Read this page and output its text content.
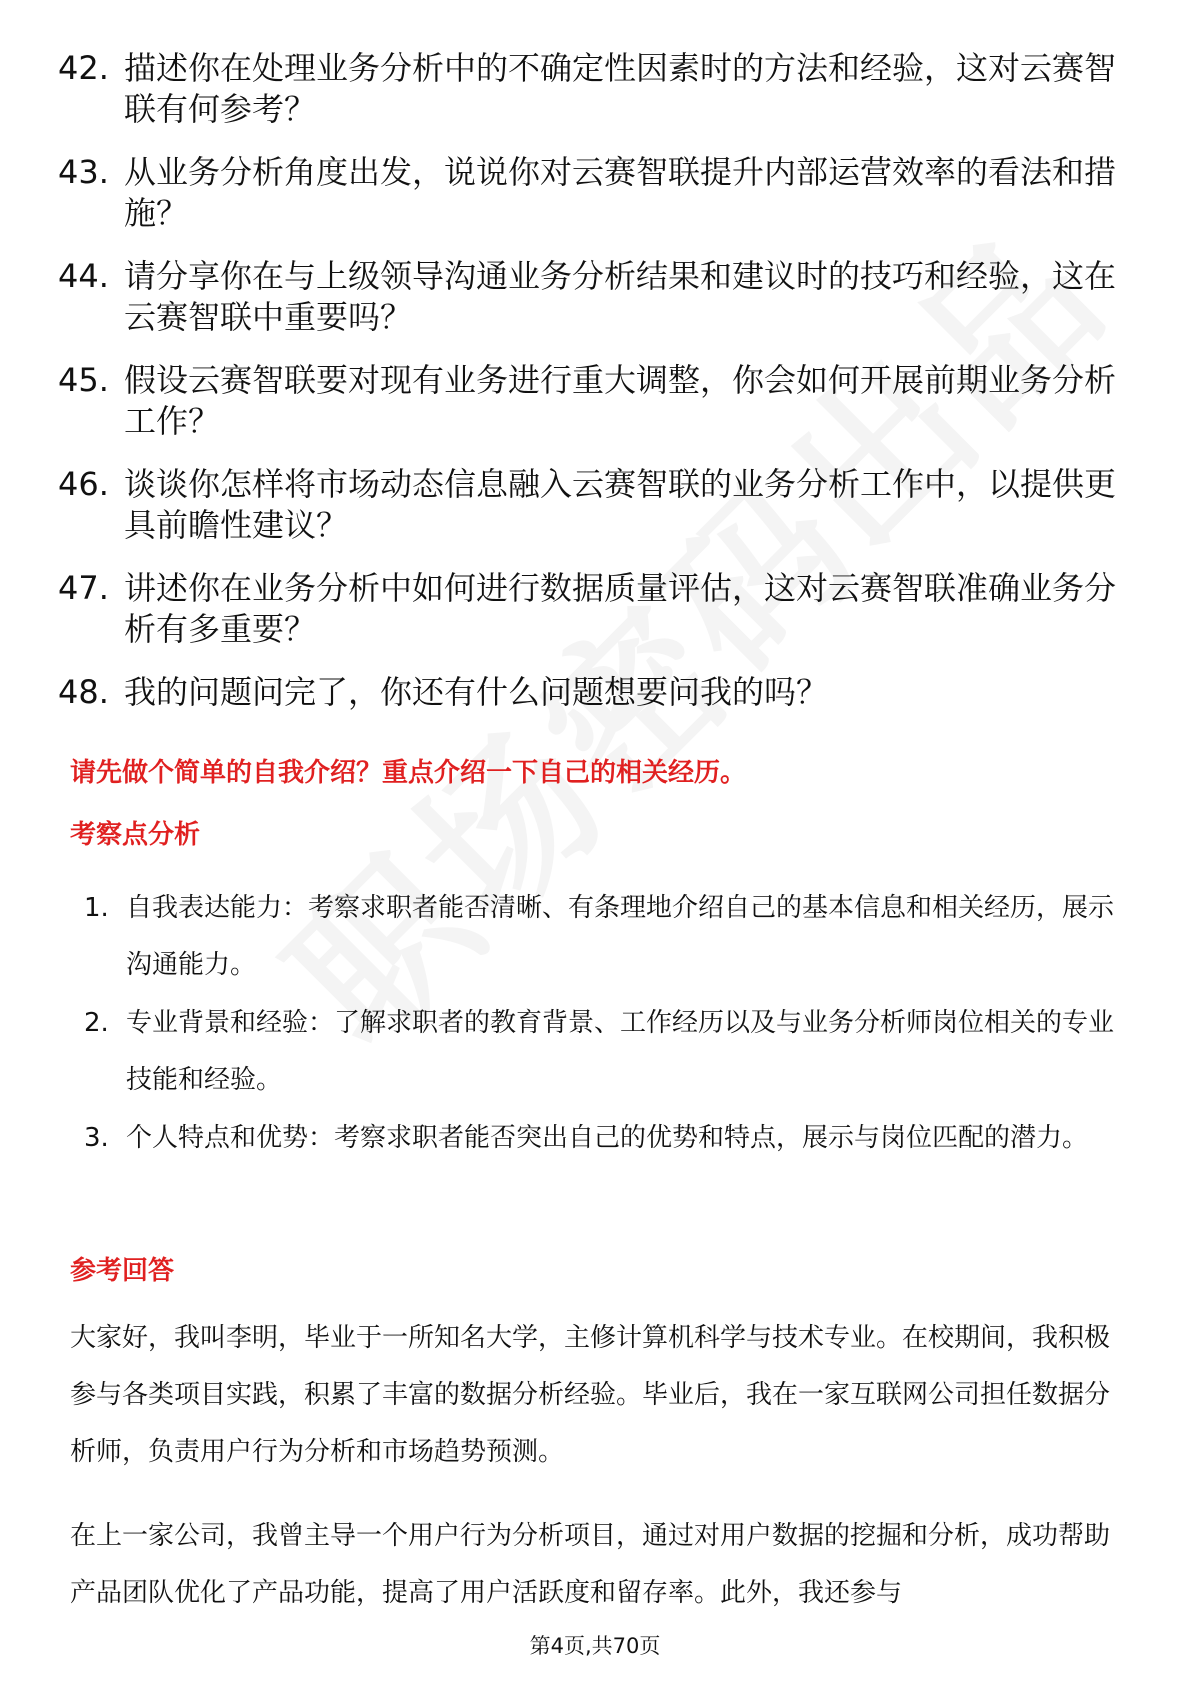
42. 描述你在处理业务分析中的不确定性因素时的方法和经验，这对云赛智联有何参考？
43. 从业务分析角度出发，说说你对云赛智联提升内部运营效率的看法和措施？
44. 请分享你在与上级领导沟通业务分析结果和建议时的技巧和经验，这在云赛智联中重要吗？
45. 假设云赛智联要对现有业务进行重大调整，你会如何开展前期业务分析工作？
46. 谈谈你怎样将市场动态信息融入云赛智联的业务分析工作中，以提供更具前瞻性建议？
47. 讲述你在业务分析中如何进行数据质量评估，这对云赛智联准确业务分析有多重要？
48. 我的问题问完了，你还有什么问题想要问我的吗？
请先做个简单的自我介绍？重点介绍一下自己的相关经历。
考察点分析
1. 自我表达能力：考察求职者能否清晰、有条理地介绍自己的基本信息和相关经历，展示沟通能力。
2. 专业背景和经验：了解求职者的教育背景、工作经历以及与业务分析师岗位相关的专业技能和经验。
3. 个人特点和优势：考察求职者能否突出自己的优势和特点，展示与岗位匹配的潜力。
参考回答
大家好，我叫李明，毕业于一所知名大学，主修计算机科学与技术专业。在校期间，我积极参与各类项目实践，积累了丰富的数据分析经验。毕业后，我在一家互联网公司担任数据分析师，负责用户行为分析和市场趋势预测。
在上一家公司，我曾主导一个用户行为分析项目，通过对用户数据的挖掘和分析，成功帮助产品团队优化了产品功能，提高了用户活跃度和留存率。此外，我还参与
第4页,共70页
